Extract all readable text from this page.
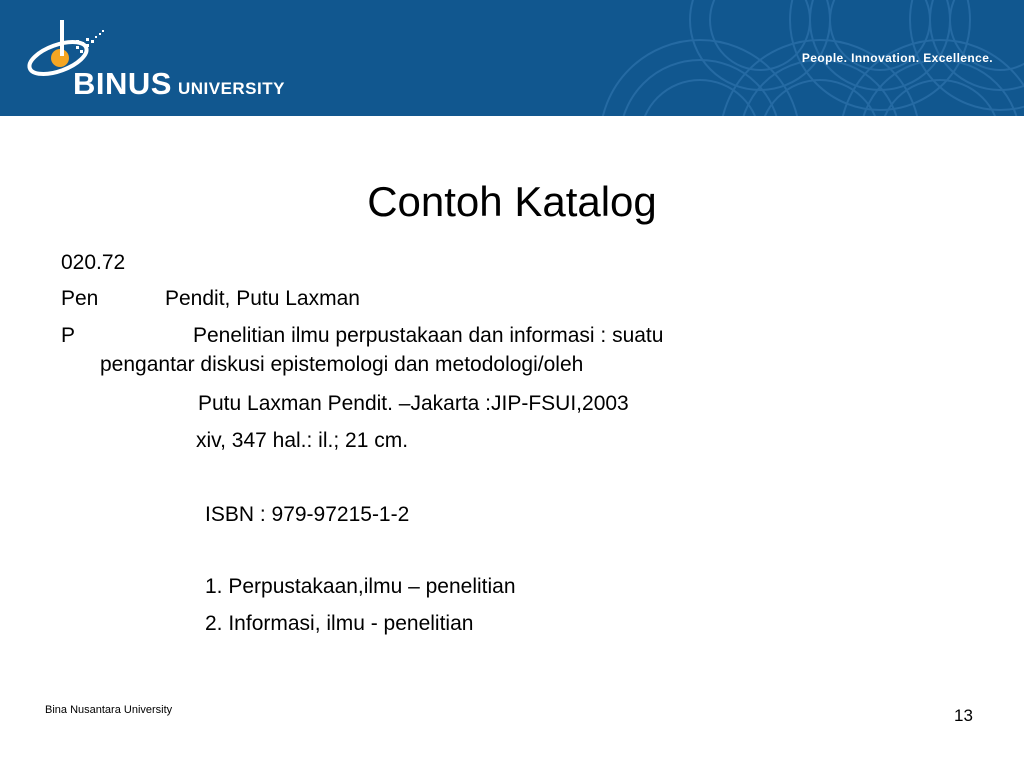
BINUS UNIVERSITY
People. Innovation. Excellence.
Contoh Katalog
020.72
Pen	Pendit, Putu Laxman
P	Penelitian ilmu perpustakaan dan informasi : suatu
pengantar diskusi epistemologi dan metodologi/oleh
Putu Laxman Pendit. –Jakarta :JIP-FSUI,2003
xiv, 347 hal.: il.; 21 cm.
ISBN : 979-97215-1-2
1. Perpustakaan,ilmu – penelitian
2. Informasi, ilmu - penelitian
Bina Nusantara University	13
